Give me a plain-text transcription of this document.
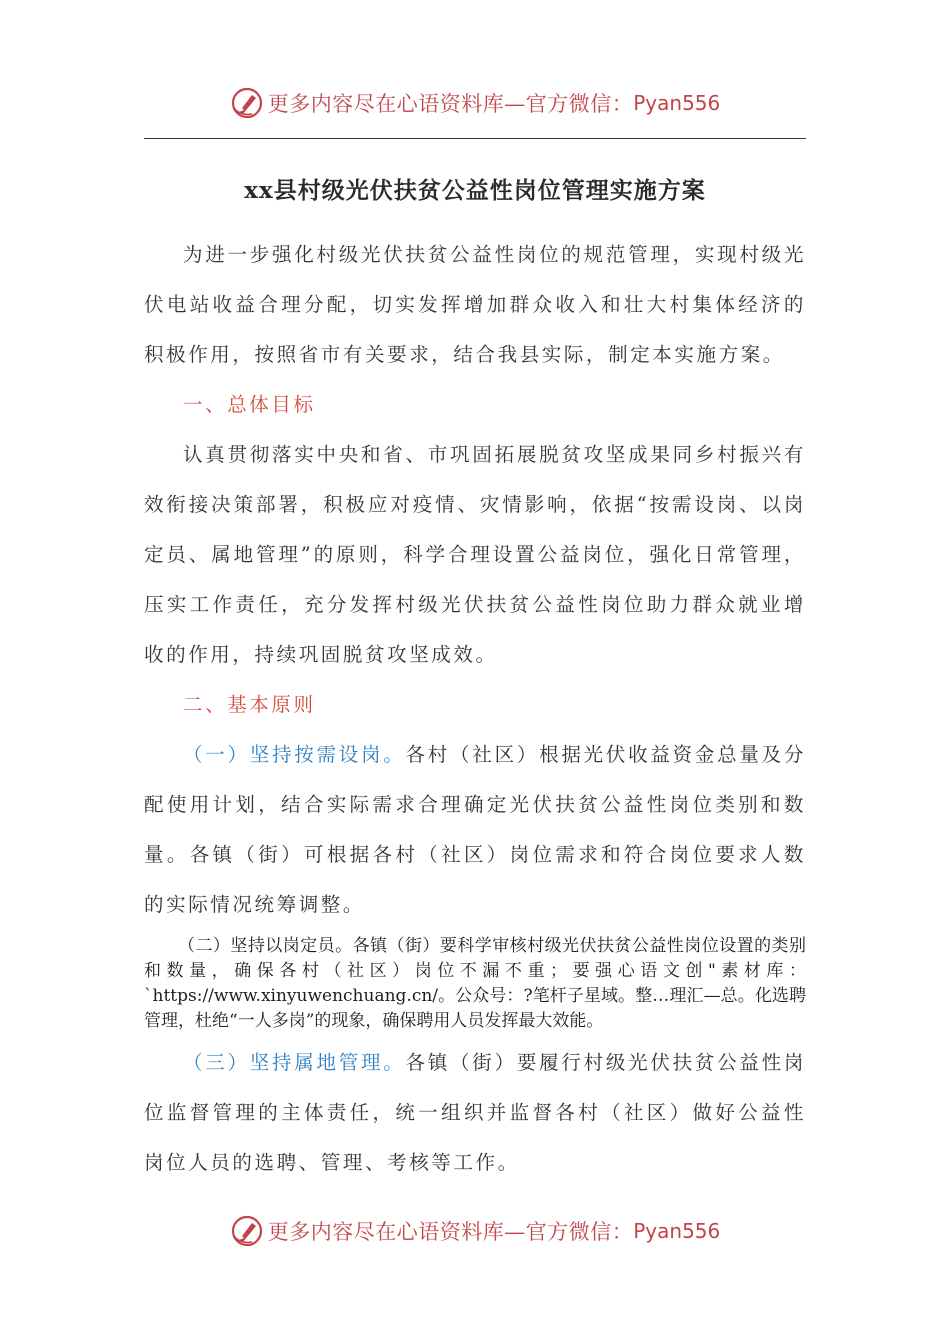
更多内容尽在心语资料库—官方微信： Pyan556
xx县村级光伏扶贫公益性岗位管理实施方案

为进一步强化村级光伏扶贫公益性岗位的规范管理，实现村级光伏电站收益合理分配，切实发挥增加群众收入和壮大村集体经济的积极作用，按照省市有关要求，结合我县实际，制定本实施方案。

一、总体目标

认真贯彻落实中央和省、市巩固拓展脱贫攻坚成果同乡村振兴有效衔接决策部署，积极应对疫情、灾情影响，依据“按需设岗、以岗定员、属地管理”的原则，科学合理设置公益岗位，强化日常管理，压实工作责任，充分发挥村级光伏扶贫公益性岗位助力群众就业增收的作用，持续巩固脱贫攻坚成效。

二、基本原则

（一）坚持按需设岗。各村（社区）根据光伏收益资金总量及分配使用计划，结合实际需求合理确定光伏扶贫公益性岗位类别和数量。各镇（街）可根据各村（社区）岗位需求和符合岗位要求人数的实际情况统筹调整。

（二）坚持以岗定员。各镇（街）要科学审核村级光伏扶贫公益性岗位设置的类别和数量，确保各村（社区）岗位不漏不重；要强心语文创"素材库：`https://www.xinyuwenchuang.cn/。公众号：?笔杆子星域。整…理汇—总。化选聘管理，杜绝“一人多岗”的现象，确保聘用人员发挥最大效能。

（三）坚持属地管理。各镇（街）要履行村级光伏扶贫公益性岗位监督管理的主体责任，统一组织并监督各村（社区）做好公益性岗位人员的选聘、管理、考核等工作。

更多内容尽在心语资料库—官方微信： Pyan556
